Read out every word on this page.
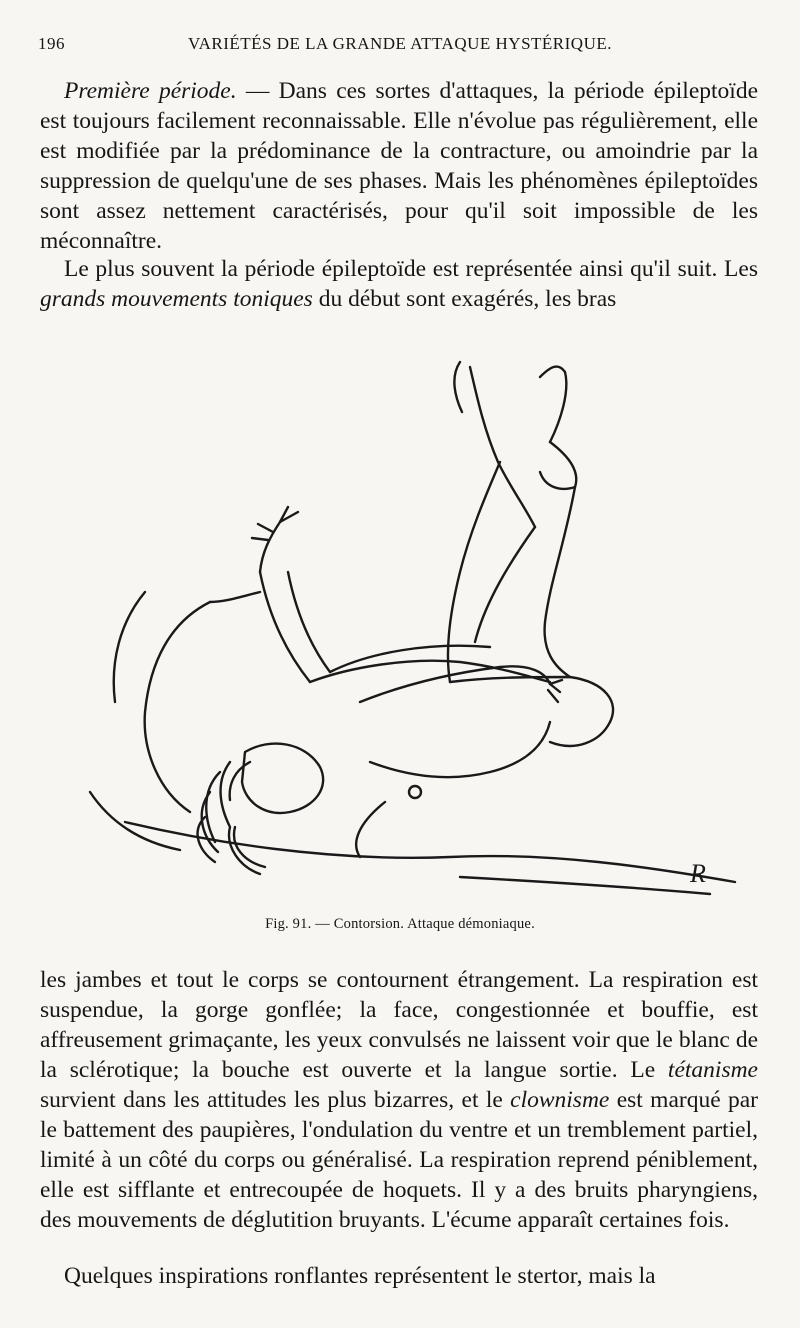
196	VARIÉTÉS DE LA GRANDE ATTAQUE HYSTÉRIQUE.
Première période. — Dans ces sortes d'attaques, la période épileptoïde est toujours facilement reconnaissable. Elle n'évolue pas régulièrement, elle est modifiée par la prédominance de la contracture, ou amoindrie par la suppression de quelqu'une de ses phases. Mais les phénomènes épileptoïdes sont assez nettement caractérisés, pour qu'il soit impossible de les méconnaître.
Le plus souvent la période épileptoïde est représentée ainsi qu'il suit. Les grands mouvements toniques du début sont exagérés, les bras
R
Fig. 91. — Contorsion. Attaque démoniaque.
les jambes et tout le corps se contournent étrangement. La respiration est suspendue, la gorge gonflée; la face, congestionnée et bouffie, est affreusement grimaçante, les yeux convulsés ne laissent voir que le blanc de la sclérotique; la bouche est ouverte et la langue sortie. Le tétanisme survient dans les attitudes les plus bizarres, et le clownisme est marqué par le battement des paupières, l'ondulation du ventre et un tremblement partiel, limité à un côté du corps ou généralisé. La respiration reprend péniblement, elle est sifflante et entrecoupée de hoquets. Il y a des bruits pharyngiens, des mouvements de déglutition bruyants. L'écume apparaît certaines fois.
Quelques inspirations ronflantes représentent le stertor, mais la
